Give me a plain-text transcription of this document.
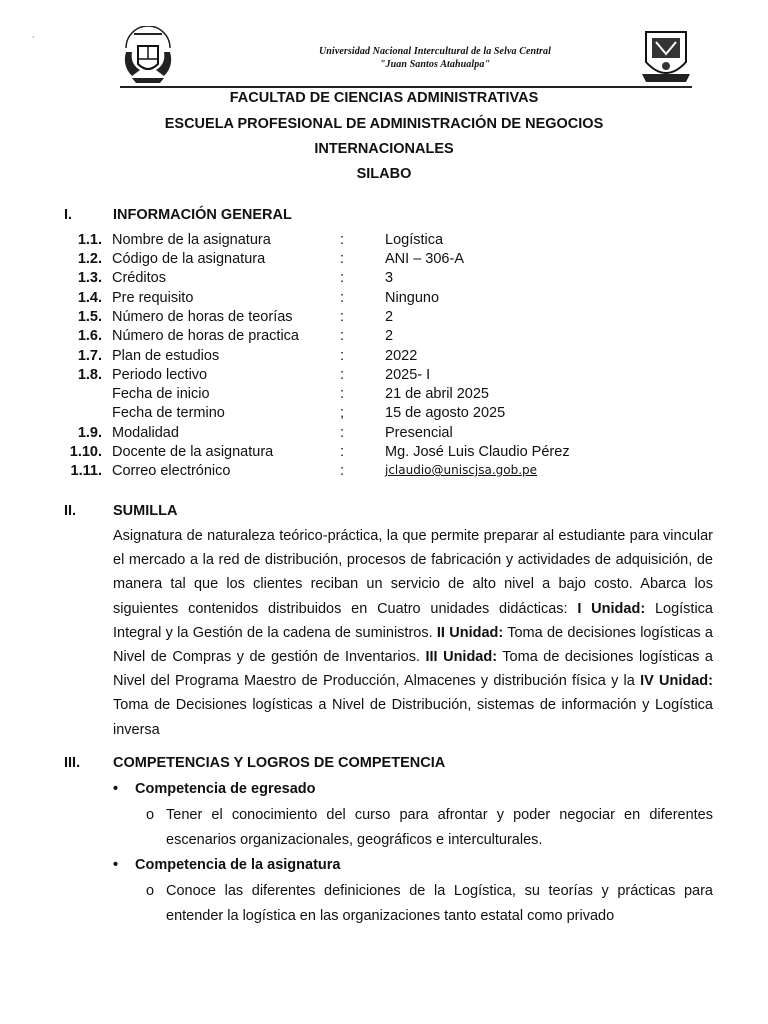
,
Universidad Nacional Intercultural de la Selva Central
"Juan Santos Atahualpa"
FACULTAD DE CIENCIAS ADMINISTRATIVAS
ESCUELA PROFESIONAL DE ADMINISTRACIÓN DE NEGOCIOS
INTERNACIONALES
SILABO
I.	INFORMACIÓN GENERAL
1.1. Nombre de la asignatura	:	Logística
1.2. Código de la asignatura	:	ANI – 306-A
1.3. Créditos	:	3
1.4. Pre requisito	:	Ninguno
1.5. Número de horas de teorías	:	2
1.6. Número de horas de practica	:	2
1.7. Plan de estudios	:	2022
1.8. Periodo lectivo	:	2025- I
Fecha de inicio	:	21 de abril 2025
Fecha de termino	;	15 de agosto 2025
1.9. Modalidad	:	Presencial
1.10. Docente de la asignatura	:	Mg. José Luis Claudio Pérez
1.11. Correo electrónico	:	jclaudio@uniscjsa.gob.pe
II.	SUMILLA

Asignatura de naturaleza teórico-práctica, la que permite preparar al estudiante para vincular el mercado a la red de distribución, procesos de fabricación y actividades de adquisición, de manera tal que los clientes reciban un servicio de alto nivel a bajo costo. Abarca los siguientes contenidos distribuidos en Cuatro unidades didácticas: I Unidad: Logística Integral y la Gestión de la cadena de suministros. II Unidad: Toma de decisiones logísticas a Nivel de Compras y de gestión de Inventarios. III Unidad: Toma de decisiones logísticas a Nivel del Programa Maestro de Producción, Almacenes y distribución física y la IV Unidad: Toma de Decisiones logísticas a Nivel de Distribución, sistemas de información y Logística inversa

III. COMPETENCIAS Y LOGROS DE COMPETENCIA
• Competencia de egresado
o Tener el conocimiento del curso para afrontar y poder negociar en diferentes escenarios organizacionales, geográficos e interculturales.
• Competencia de la asignatura
o Conoce las diferentes definiciones de la Logística, su teorías y prácticas para entender la logística en las organizaciones tanto estatal como privado
